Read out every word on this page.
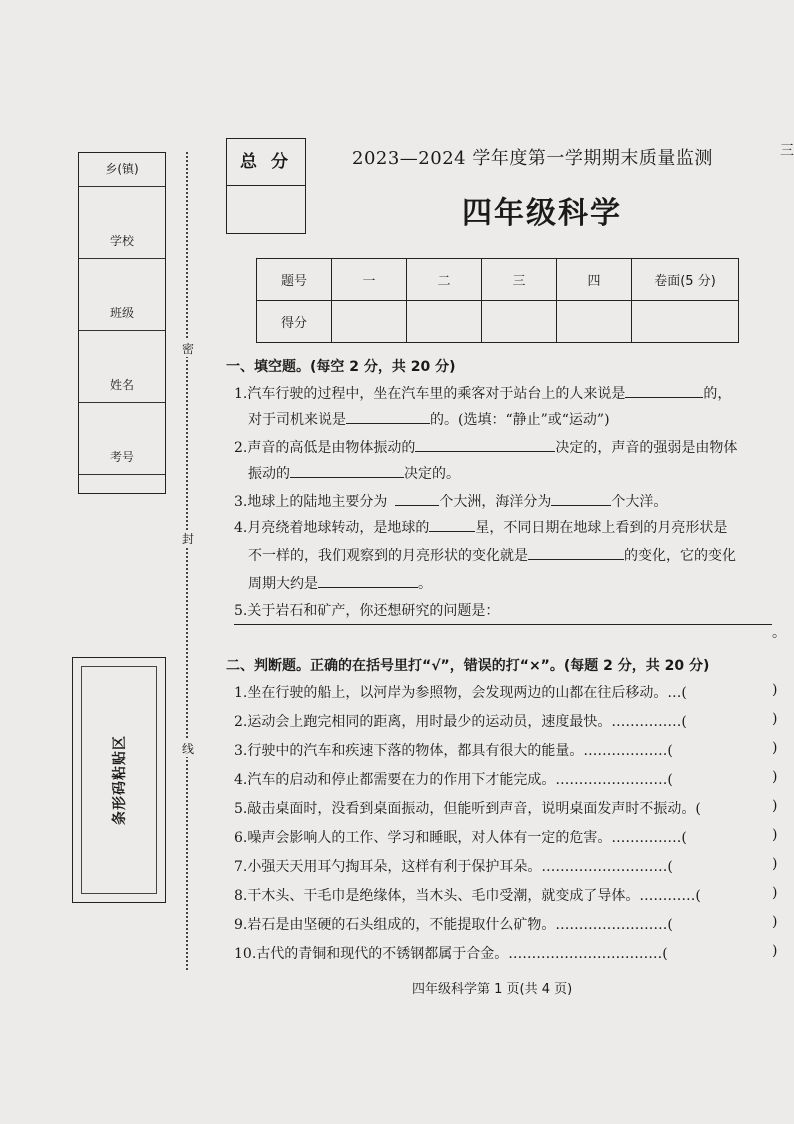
乡(镇)
学校
班级
姓名
考号
条形码粘贴区
密
封
线
总 分	2023—2024 学年度第一学期期末质量监测
四年级科学
三
题号	一	二	三	四	卷面(5 分)
得分					
一、填空题。(每空 2 分，共 20 分)
1.汽车行驶的过程中，坐在汽车里的乘客对于站台上的人来说是	的，
对于司机来说是	的。(选填：“静止”或“运动”)
2.声音的高低是由物体振动的	决定的，声音的强弱是由物体
振动的	决定的。
3.地球上的陆地主要分为	个大洲，海洋分为	个大洋。
4.月亮绕着地球转动，是地球的	星，不同日期在地球上看到的月亮形状是
不一样的，我们观察到的月亮形状的变化就是	的变化，它的变化
周期大约是	。
5.关于岩石和矿产，你还想研究的问题是：
。
二、判断题。正确的在括号里打“√”，错误的打“×”。(每题 2 分，共 20 分)
1.坐在行驶的船上，以河岸为参照物，会发现两边的山都在往后移动。…(	)
2.运动会上跑完相同的距离，用时最少的运动员，速度最快。……………(	)
3.行驶中的汽车和疾速下落的物体，都具有很大的能量。………………(	)
4.汽车的启动和停止都需要在力的作用下才能完成。……………………(	)
5.敲击桌面时，没看到桌面振动，但能听到声音，说明桌面发声时不振动。(	)
6.噪声会影响人的工作、学习和睡眠，对人体有一定的危害。……………(	)
7.小强天天用耳勺掏耳朵，这样有利于保护耳朵。………………………(	)
8.干木头、干毛巾是绝缘体，当木头、毛巾受潮，就变成了导体。…………(	)
9.岩石是由坚硬的石头组成的，不能提取什么矿物。……………………(	)
10.古代的青铜和现代的不锈钢都属于合金。……………………………(	)
四年级科学第 1 页(共 4 页)
